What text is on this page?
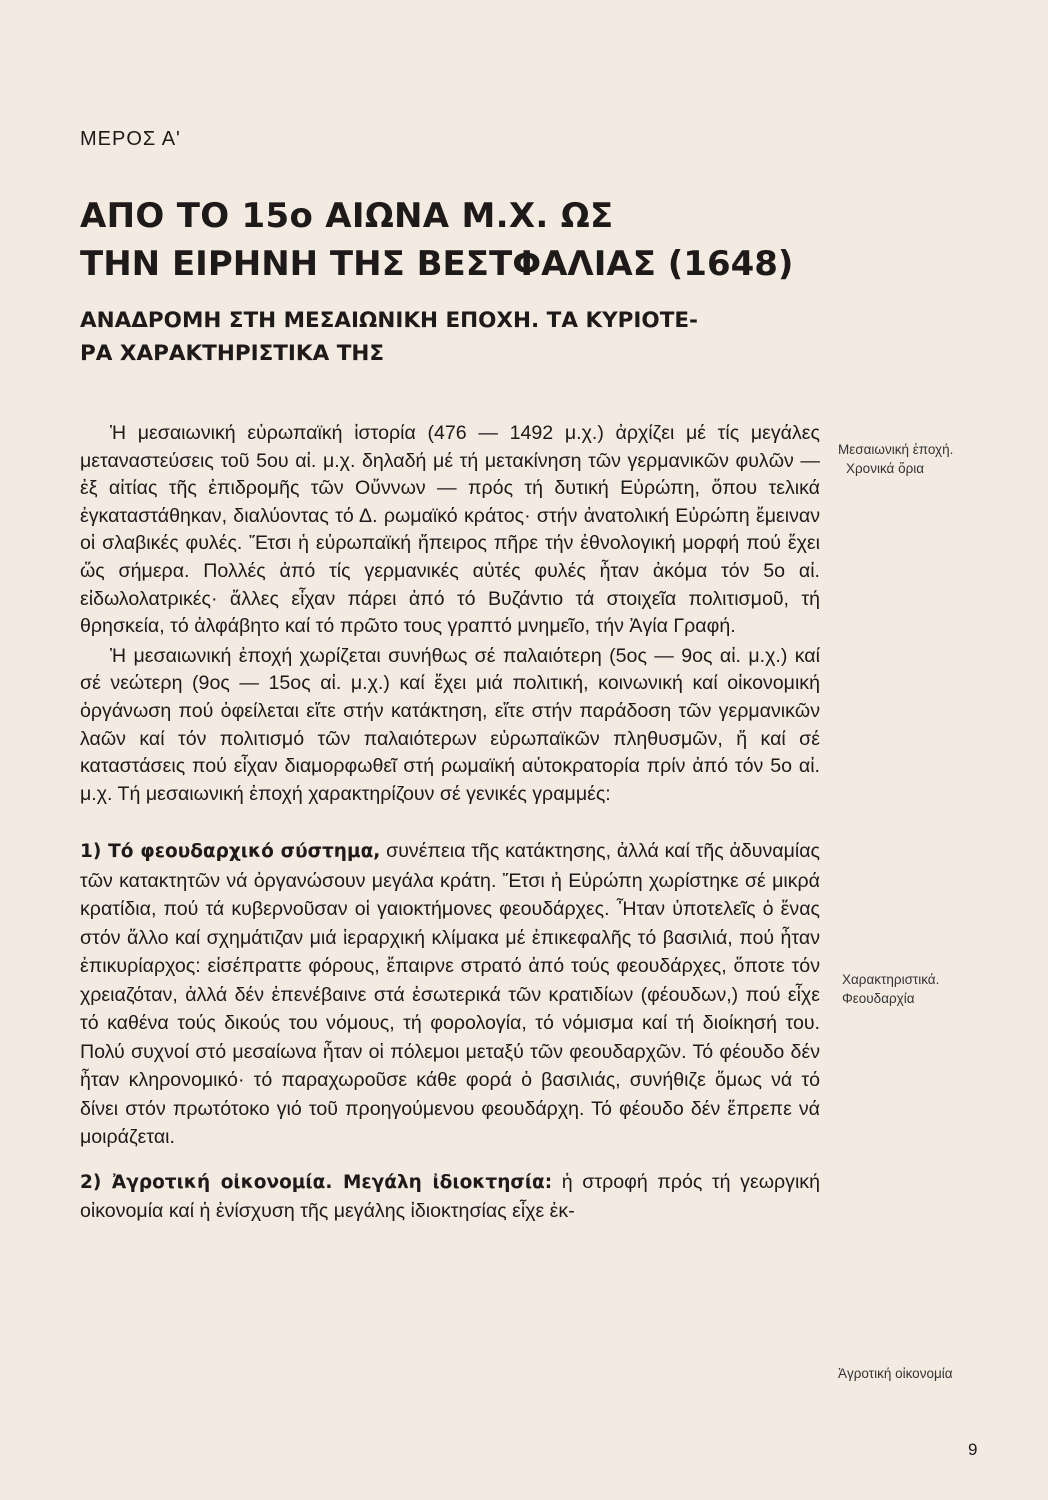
ΜΕΡΟΣ Α'
ΑΠΟ ΤΟ 15ο ΑΙΩΝΑ Μ.Χ. ΩΣ
ΤΗΝ ΕΙΡΗΝΗ ΤΗΣ ΒΕΣΤΦΑΛΙΑΣ (1648)
ΑΝΑΔΡΟΜΗ ΣΤΗ ΜΕΣΑΙΩΝΙΚΗ ΕΠΟΧΗ. ΤΑ ΚΥΡΙΟΤΕ-
ΡΑ ΧΑΡΑΚΤΗΡΙΣΤΙΚΑ ΤΗΣ

Ἡ μεσαιωνική εὐρωπαϊκή ἱστορία (476 — 1492 μ.χ.) ἀρχίζει μέ τίς μεγάλες μεταναστεύσεις τοῦ 5ου αἰ. μ.χ. δηλαδή μέ τή μετακίνηση τῶν γερμανικῶν φυλῶν — ἐξ αἰτίας τῆς ἐπιδρομῆς τῶν Οὔννων — πρός τή δυτική Εὐρώπη, ὅπου τελικά ἐγκαταστάθηκαν, διαλύοντας τό Δ. ρωμαϊκό κράτος· στήν ἀνατολική Εὐρώπη ἔμειναν οἱ σλαβικές φυλές. Ἔτσι ἡ εὐρωπαϊκή ἤπειρος πῆρε τήν ἐθνολογική μορφή πού ἔχει ὥς σήμερα. Πολλές ἀπό τίς γερμανικές αὐτές φυλές ἦταν ἀκόμα τόν 5ο αἰ. εἰδωλολατρικές· ἄλλες εἶχαν πάρει ἀπό τό Βυζάντιο τά στοιχεῖα πολιτισμοῦ, τή θρησκεία, τό ἀλφάβητο καί τό πρῶτο τους γραπτό μνημεῖο, τήν Ἁγία Γραφή.

Ἡ μεσαιωνική ἐποχή χωρίζεται συνήθως σέ παλαιότερη (5ος — 9ος αἰ. μ.χ.) καί σέ νεώτερη (9ος — 15ος αἰ. μ.χ.) καί ἔχει μιά πολιτική, κοινωνική καί οἰκονομική ὀργάνωση πού ὀφείλεται εἴτε στήν κατάκτηση, εἴτε στήν παράδοση τῶν γερμανικῶν λαῶν καί τόν πολιτισμό τῶν παλαιότερων εὐρωπαϊκῶν πληθυσμῶν, ἤ καί σέ καταστάσεις πού εἶχαν διαμορφωθεῖ στή ρωμαϊκή αὐτοκρατορία πρίν ἀπό τόν 5ο αἰ. μ.χ. Τή μεσαιωνική ἐποχή χαρακτηρίζουν σέ γενικές γραμμές:

1) Τό φεουδαρχικό σύστημα, συνέπεια τῆς κατάκτησης, ἀλλά καί τῆς ἀδυναμίας τῶν κατακτητῶν νά ὀργανώσουν μεγάλα κράτη. Ἔτσι ἡ Εὐρώπη χωρίστηκε σέ μικρά κρατίδια, πού τά κυβερνοῦσαν οἱ γαιοκτήμονες φεουδάρχες. Ἦταν ὑποτελεῖς ὁ ἕνας στόν ἄλλο καί σχημάτιζαν μιά ἱεραρχική κλίμακα μέ ἐπικεφαλῆς τό βασιλιά, πού ἦταν ἐπικυρίαρχος: εἰσέπραττε φόρους, ἔπαιρνε στρατό ἀπό τούς φεουδάρχες, ὅποτε τόν χρειαζόταν, ἀλλά δέν ἐπενέβαινε στά ἐσωτερικά τῶν κρατιδίων (φέουδων,) πού εἶχε τό καθένα τούς δικούς του νόμους, τή φορολογία, τό νόμισμα καί τή διοίκησή του. Πολύ συχνοί στό μεσαίωνα ἦταν οἱ πόλεμοι μεταξύ τῶν φεουδαρχῶν. Τό φέουδο δέν ἦταν κληρονομικό· τό παραχωροῦσε κάθε φορά ὁ βασιλιάς, συνήθιζε ὅμως νά τό δίνει στόν πρωτότοκο γιό τοῦ προηγούμενου φεουδάρχη. Τό φέουδο δέν ἔπρεπε νά μοιράζεται.

2) Ἀγροτική οἰκονομία. Μεγάλη ἰδιοκτησία: ἡ στροφή πρός τή γεωργική οἰκονομία καί ἡ ἐνίσχυση τῆς μεγάλης ἰδιοκτησίας εἶχε ἐκ-

Μεσαιωνική ἐποχή.
Χρονικά ὅρια
Χαρακτηριστικά.
Φεουδαρχία
Ἀγροτική οἰκονομία
9
